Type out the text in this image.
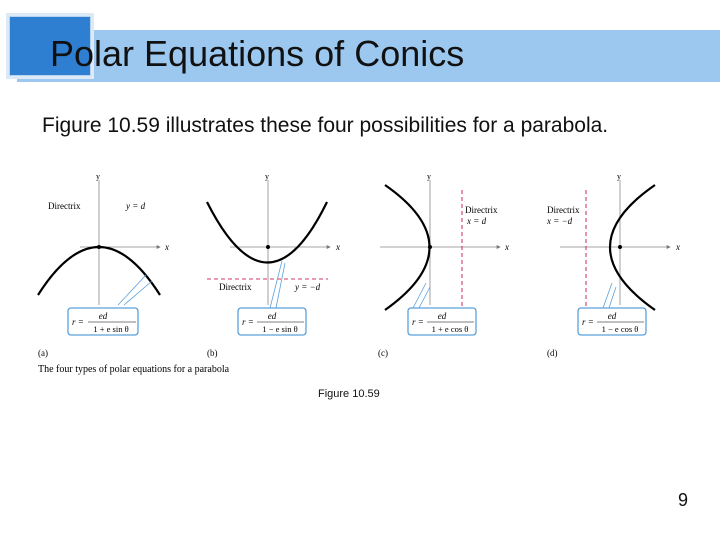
Polar Equations of Conics
Figure 10.59 illustrates these four possibilities for a parabola.
y
x
Directrix	y = d
r =
ed
1 + e sin θ
(a)
y
x
Directrix	y = −d
r =
ed
1 − e sin θ
(b)
y
x
Directrix
x = d
r =
ed
1 + e cos θ
(c)
y
x
Directrix
x = −d
r =
ed
1 − e cos θ
(d)
The four types of polar equations for a parabola
Figure 10.59
9
